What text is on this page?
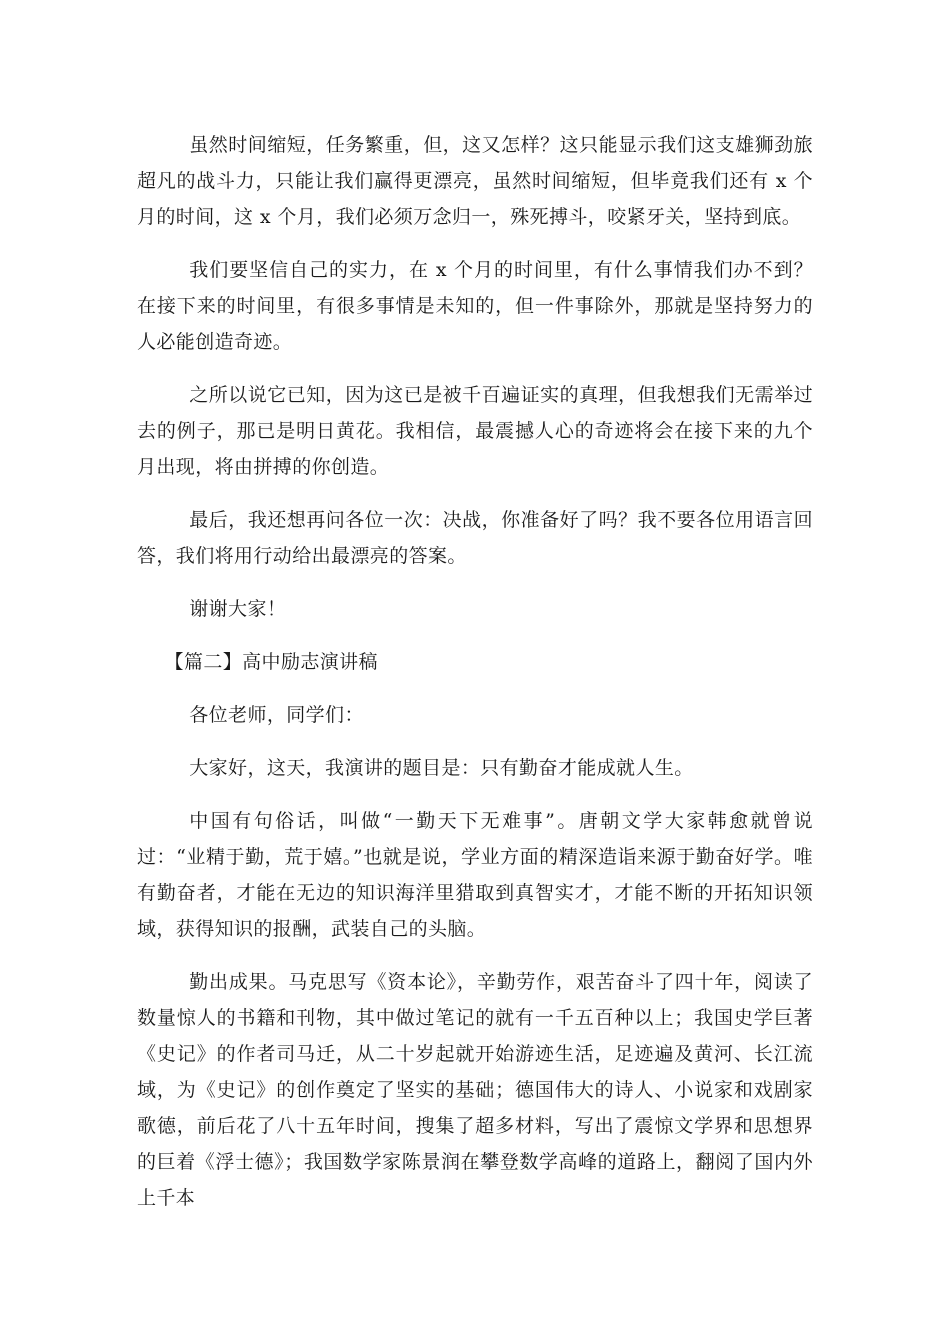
虽然时间缩短，任务繁重，但，这又怎样？这只能显示我们这支雄狮劲旅超凡的战斗力，只能让我们赢得更漂亮，虽然时间缩短，但毕竟我们还有 x 个月的时间，这 x 个月，我们必须万念归一，殊死搏斗，咬紧牙关，坚持到底。

我们要坚信自己的实力，在 x 个月的时间里，有什么事情我们办不到？在接下来的时间里，有很多事情是未知的，但一件事除外，那就是坚持努力的人必能创造奇迹。

之所以说它已知，因为这已是被千百遍证实的真理，但我想我们无需举过去的例子，那已是明日黄花。我相信，最震撼人心的奇迹将会在接下来的九个月出现，将由拼搏的你创造。

最后，我还想再问各位一次：决战，你准备好了吗？我不要各位用语言回答，我们将用行动给出最漂亮的答案。

谢谢大家！

【篇二】高中励志演讲稿

各位老师，同学们：

大家好，这天，我演讲的题目是：只有勤奋才能成就人生。

中国有句俗话，叫做“一勤天下无难事”。唐朝文学大家韩愈就曾说过：“业精于勤，荒于嬉。”也就是说，学业方面的精深造诣来源于勤奋好学。唯有勤奋者，才能在无边的知识海洋里猎取到真智实才，才能不断的开拓知识领域，获得知识的报酬，武装自己的头脑。

勤出成果。马克思写《资本论》，辛勤劳作，艰苦奋斗了四十年，阅读了数量惊人的书籍和刊物，其中做过笔记的就有一千五百种以上；我国史学巨著《史记》的作者司马迁，从二十岁起就开始游迹生活，足迹遍及黄河、长江流域，为《史记》的创作奠定了坚实的基础；德国伟大的诗人、小说家和戏剧家歌德，前后花了八十五年时间，搜集了超多材料，写出了震惊文学界和思想界的巨着《浮士德》；我国数学家陈景润在攀登数学高峰的道路上，翻阅了国内外上千本
